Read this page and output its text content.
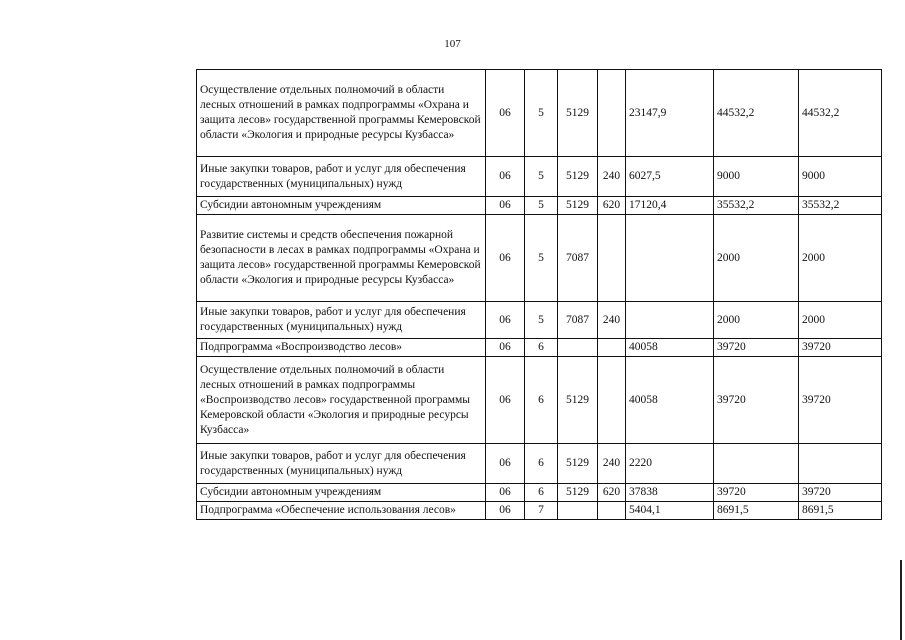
107
Осуществление отдельных полномочий в области лесных отношений в рамках подпрограммы «Охрана и защита лесов» государственной программы Кемеровской области «Экология и природные ресурсы Кузбасса»	06	5	5129		23147,9	44532,2	44532,2
Иные закупки товаров, работ и услуг для обеспечения государственных (муниципальных) нужд	06	5	5129	240	6027,5	9000	9000
Субсидии автономным учреждениям	06	5	5129	620	17120,4	35532,2	35532,2
Развитие системы и средств обеспечения пожарной безопасности в лесах в рамках подпрограммы «Охрана и защита лесов» государственной программы Кемеровской области «Экология и природные ресурсы Кузбасса»	06	5	7087			2000	2000
Иные закупки товаров, работ и услуг для обеспечения государственных (муниципальных) нужд	06	5	7087	240		2000	2000
Подпрограмма «Воспроизводство лесов»	06	6			40058	39720	39720
Осуществление отдельных полномочий в области лесных отношений в рамках подпрограммы «Воспроизводство лесов» государственной программы Кемеровской области «Экология и природные ресурсы Кузбасса»	06	6	5129		40058	39720	39720
Иные закупки товаров, работ и услуг для обеспечения государственных (муниципальных) нужд	06	6	5129	240	2220		
Субсидии автономным учреждениям	06	6	5129	620	37838	39720	39720
Подпрограмма «Обеспечение использования лесов»	06	7			5404,1	8691,5	8691,5
